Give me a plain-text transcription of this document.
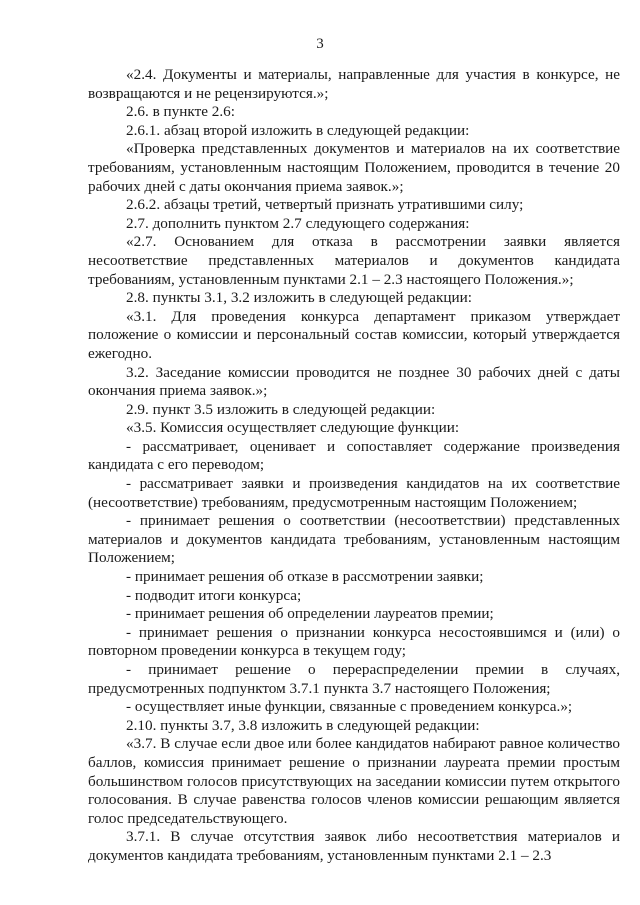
3

«2.4. Документы и материалы, направленные для участия в конкурсе, не возвращаются и не рецензируются.»;

2.6. в пункте 2.6:

2.6.1. абзац второй изложить в следующей редакции:

«Проверка представленных документов и материалов на их соответствие требованиям, установленным настоящим Положением, проводится в течение 20 рабочих дней с даты окончания приема заявок.»;

2.6.2. абзацы третий, четвертый признать утратившими силу;

2.7. дополнить пунктом 2.7 следующего содержания:

«2.7. Основанием для отказа в рассмотрении заявки является несоответствие представленных материалов и документов кандидата требованиям, установленным пунктами 2.1 – 2.3 настоящего Положения.»;

2.8. пункты 3.1, 3.2 изложить в следующей редакции:

«3.1. Для проведения конкурса департамент приказом утверждает положение о комиссии и персональный состав комиссии, который утверждается ежегодно.

3.2. Заседание комиссии проводится не позднее 30 рабочих дней с даты окончания приема заявок.»;

2.9. пункт 3.5 изложить в следующей редакции:

«3.5. Комиссия осуществляет следующие функции:

- рассматривает, оценивает и сопоставляет содержание произведения кандидата с его переводом;

- рассматривает заявки и произведения кандидатов на их соответствие (несоответствие) требованиям, предусмотренным настоящим Положением;

- принимает решения о соответствии (несоответствии) представленных материалов и документов кандидата требованиям, установленным настоящим Положением;

- принимает решения об отказе в рассмотрении заявки;

- подводит итоги конкурса;

- принимает решения об определении лауреатов премии;

- принимает решения о признании конкурса несостоявшимся и (или) о повторном проведении конкурса в текущем году;

- принимает решение о перераспределении премии в случаях, предусмотренных подпунктом 3.7.1 пункта 3.7 настоящего Положения;

- осуществляет иные функции, связанные с проведением конкурса.»;

2.10. пункты 3.7, 3.8 изложить в следующей редакции:

«3.7. В случае если двое или более кандидатов набирают равное количество баллов, комиссия принимает решение о признании лауреата премии простым большинством голосов присутствующих на заседании комиссии путем открытого голосования. В случае равенства голосов членов комиссии решающим является голос председательствующего.

3.7.1. В случае отсутствия заявок либо несоответствия материалов и документов кандидата требованиям, установленным пунктами 2.1 – 2.3
